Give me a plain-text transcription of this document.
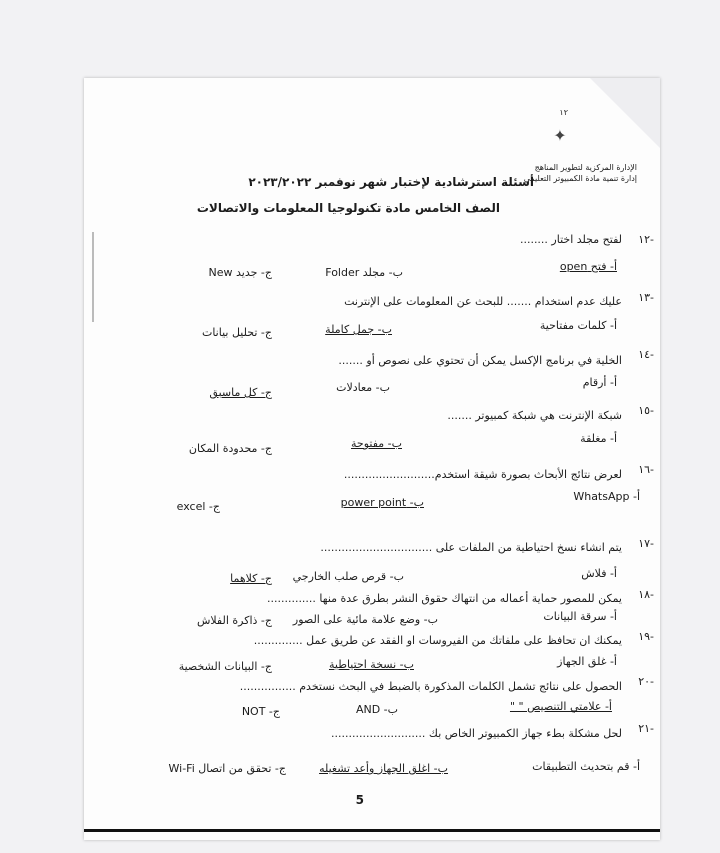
١٢
✦
الإدارة المركزية لتطوير المناهج
إدارة تنمية مادة الكمبيوتر التعليمي
أسئلة استرشادية لإختبار شهر نوفمبر ٢٠٢٣/٢٠٢٢
الصف الخامس مادة تكنولوجيا المعلومات والاتصالات
-١٢
لفتح مجلد اختار ........
أ- فتح open
ب- مجلد Folder
ج- جديد New
-١٣
عليك عدم استخدام ....... للبحث عن المعلومات على الإنترنت
أ- كلمات مفتاحية
ب- جمل كاملة
ج- تحليل بيانات
-١٤
الخلية في برنامج الإكسل يمكن أن تحتوي على نصوص أو .......
أ- أرقام
ب- معادلات
ج- كل ماسبق
-١٥
شبكة الإنترنت هي شبكة كمبيوتر .......
أ- مغلقة
ب- مفتوحة
ج- محدودة المكان
-١٦
لعرض نتائج الأبحاث بصورة شيقة استخدم..........................
WhatsApp -أ
ب- power point
ج- excel
-١٧
يتم انشاء نسخ احتياطية من الملفات على ................................
أ- فلاش
ب- قرص صلب الخارجي
ج- كلاهما
-١٨
يمكن للمصور حماية أعماله من انتهاك حقوق النشر بطرق عدة منها ..............
أ- سرقة البيانات
ب- وضع علامة مائية على الصور
ج- ذاكرة الفلاش
-١٩
يمكنك ان تحافظ على ملفاتك من الفيروسات او الفقد عن طريق عمل ..............
أ- غلق الجهاز
ب- نسخة احتياطية
ج- البيانات الشخصية
-٢٠
الحصول على نتائج تشمل الكلمات المذكورة بالضبط في البحث نستخدم ................
أ- علامتي التنصيص " "
ب- AND
ج- NOT
-٢١
لحل مشكلة بطء جهاز الكمبيوتر الخاص بك ...........................
أ- قم بتحديث التطبيقات
ب- اغلق الجهاز وأعد تشغيله
ج- تحقق من اتصال Wi-Fi
5
